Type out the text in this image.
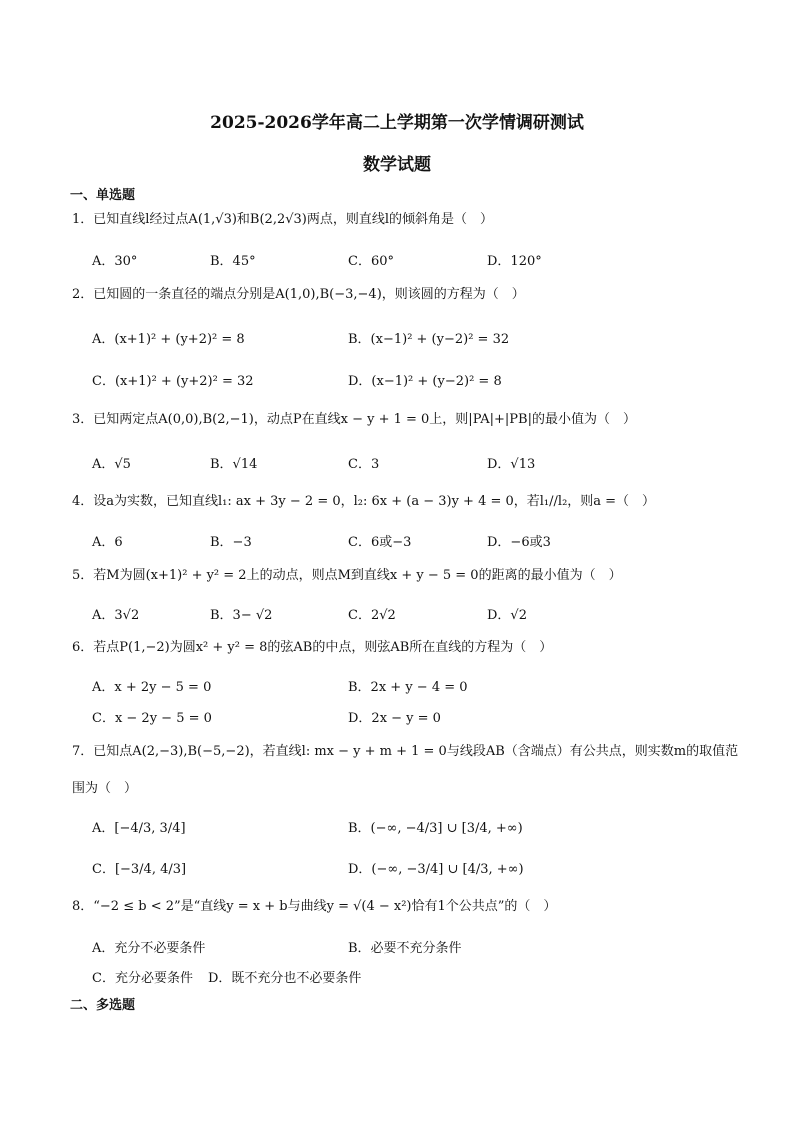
2025-2026学年高二上学期第一次学情调研测试
数学试题
一、单选题
1．已知直线l经过点A(1,√3)和B(2,2√3)两点，则直线l的倾斜角是（　）
A．30°	B．45°	C．60°	D．120°
2．已知圆的一条直径的端点分别是A(1,0),B(−3,−4)，则该圆的方程为（　）
A．(x+1)² + (y+2)² = 8	B．(x−1)² + (y−2)² = 32
C．(x+1)² + (y+2)² = 32	D．(x−1)² + (y−2)² = 8
3．已知两定点A(0,0),B(2,−1)，动点P在直线x − y + 1 = 0上，则|PA|+|PB|的最小值为（　）
A．√5	B．√14	C．3	D．√13
4．设a为实数，已知直线l₁: ax + 3y − 2 = 0，l₂: 6x + (a − 3)y + 4 = 0，若l₁//l₂，则a =（　）
A．6	B．−3	C．6或−3	D．−6或3
5．若M为圆(x+1)² + y² = 2上的动点，则点M到直线x + y − 5 = 0的距离的最小值为（　）
A．3√2	B．3− √2	C．2√2	D．√2
6．若点P(1,−2)为圆x² + y² = 8的弦AB的中点，则弦AB所在直线的方程为（　）
A．x + 2y − 5 = 0	B．2x + y − 4 = 0
C．x − 2y − 5 = 0	D．2x − y = 0
7．已知点A(2,−3),B(−5,−2)，若直线l: mx − y + m + 1 = 0与线段AB（含端点）有公共点，则实数m的取值范
围为（　）
A．[−4/3, 3/4]	B．(−∞, −4/3] ∪ [3/4, +∞)
C．[−3/4, 4/3]	D．(−∞, −3/4] ∪ [4/3, +∞)
8．“−2 ≤ b < 2”是“直线y = x + b与曲线y = √(4 − x²)恰有1个公共点”的（　）
A．充分不必要条件	B．必要不充分条件
C．充分必要条件 D．既不充分也不必要条件
二、多选题
